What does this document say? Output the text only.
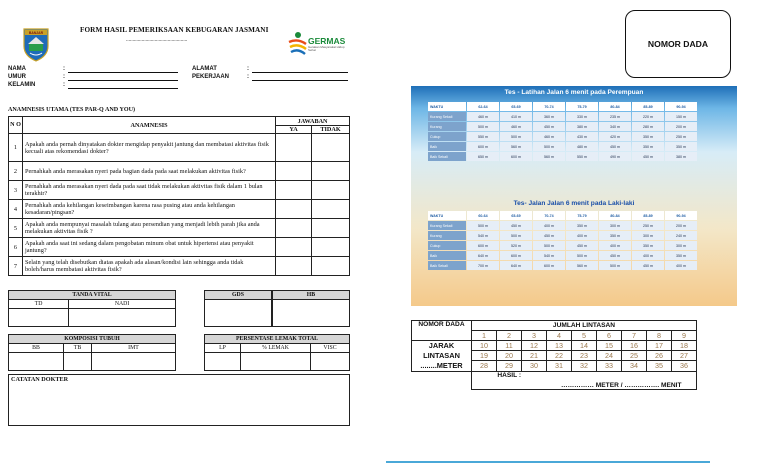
BANJAR	FORM HASIL PEMERIKSAAN KEBUGARAN JASMANI
...............................................	GERMAS
Gerakan Masyarakat Hidup Sehat
NAMA	:
UMUR	:
KELAMIN	:
ALAMAT	:
PEKERJAAN	:
ANAMNESIS UTAMA (TES PAR-Q AND YOU)
N O	ANAMNESIS	JAWABAN	
		YA	TIDAK
1	Apakah anda pernah dinyatakan dokter mengidap penyakit jantung dan membatasi aktivitas fisik kecuali atas rekomendasi dokter?		
2	Pernahkah anda merasakan nyeri pada bagian dada pada saat melakukan aktivitas fisik?		
3	Pernahkah anda merasakan nyeri dada pada saat tidak melakukan aktivitas fisik dalam 1 bulan terakhir?		
4	Pernahkah anda kehilangan keseimbangan karena rasa pusing atau anda kehilangan kesadaran/pingsan?		
5	Apakah anda mempunyai masalah tulang atau persendian yang menjadi lebih parah jika anda melakukan aktivitas fisik ?		
6	Apakah anda saat ini sedang dalam pengobatan minum obat untuk hipertensi atau penyakit jantung?		
7	Selain yang telah disebutkan diatas apakah ada alasan/kondisi lain sehingga anda tidak boleh/harus membatasi aktivitas fisik?		
TANDA VITAL	
TD	NADI

GDS	HB

KOMPOSISI TUBUH		
BB	TB	IMT

PERSENTASE LEMAK TOTAL		
LP	% LEMAK	VISC

CATATAN DOKTER
NOMOR DADA
Tes - Latihan Jalan 6 menit pada Perempuan
WAKTU	62-64	65-69	70-74	75-79	80-84	85-89	90-94
Kurang Sekali	460 m	410 m	360 m	330 m	235 m	220 m	150 m
Kurang	500 m	460 m	450 m	380 m	340 m	280 m	200 m
Cukup	550 m	500 m	460 m	430 m	420 m	350 m	250 m
Baik	600 m	560 m	500 m	480 m	450 m	350 m	350 m
Baik Sekali	650 m	600 m	560 m	550 m	490 m	450 m	380 m
Tes- Jalan Jalan 6 menit pada Laki-laki
WAKTU	60-64	65-69	70-74	75-79	80-84	85-89	90-94
Kurang Sekali	500 m	450 m	400 m	350 m	300 m	250 m	200 m
Kurang	540 m	500 m	450 m	400 m	350 m	300 m	240 m
Cukup	600 m	520 m	500 m	450 m	400 m	350 m	300 m
Baik	640 m	600 m	540 m	500 m	450 m	400 m	350 m
Baik Sekali	700 m	640 m	600 m	560 m	500 m	450 m	400 m
NOMOR DADA	JUMLAH LINTASAN								
	1	2	3	4	5	6	7	8	9

JARAK
LINTASAN
........METER	10	11	12	13	14	15	16	17	18
	19	20	21	22	23	24	25	26	27
	28	29	30	31	32	33	34	35	36
	HASIL :			…………… METER / ……………. MENIT					
